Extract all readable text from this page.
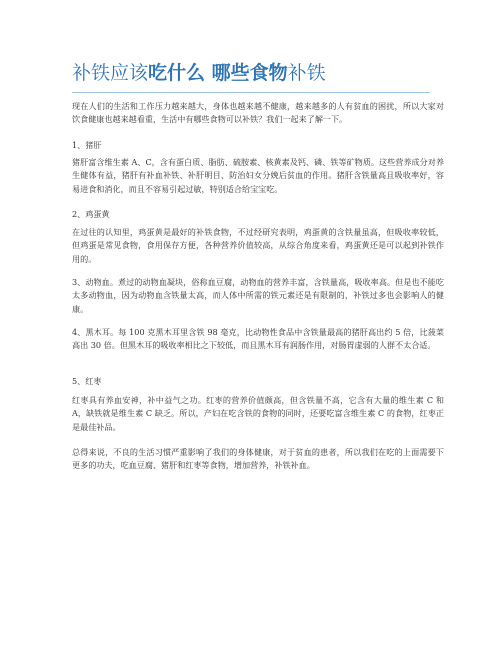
补铁应该吃什么 哪些食物补铁

现在人们的生活和工作压力越来越大，身体也越来越不健康，越来越多的人有贫血的困扰，所以大家对饮食健康也越来越看重，生活中有哪些食物可以补铁？我们一起来了解一下。

1、猪肝

猪肝富含维生素 A、C，含有蛋白质、脂肪、硫胺素、核黄素及钙、磷、铁等矿物质。这些营养成分对养生健体有益，猪肝有补血补铁、补肝明目、防治妇女分娩后贫血的作用。猪肝含铁量高且吸收率好，容易进食和消化，而且不容易引起过敏，特别适合给宝宝吃。

2、鸡蛋黄

在过往的认知里，鸡蛋黄是最好的补铁食物，不过经研究表明，鸡蛋黄的含铁量虽高，但吸收率较低，但鸡蛋是常见食物，食用保存方便，各种营养价值较高，从综合角度来看，鸡蛋黄还是可以起到补铁作用的。

3、动物血。煮过的动物血凝块，俗称血豆腐，动物血的营养丰富，含铁量高，吸收率高。但是也不能吃太多动物血，因为动物血含铁量太高，而人体中所需的铁元素还是有限制的，补铁过多也会影响人的健康。

4、黑木耳。每 100 克黑木耳里含铁 98 毫克，比动物性食品中含铁量最高的猪肝高出约 5 倍，比菠菜高出 30 倍。但黑木耳的吸收率相比之下较低，而且黑木耳有润肠作用，对肠胃虚弱的人群不太合适。

5、红枣

红枣具有养血安神，补中益气之功。红枣的营养价值颇高，但含铁量不高，它含有大量的维生素 C 和 A，缺铁就是维生素 C 缺乏。所以，产妇在吃含铁的食物的同时，还要吃富含维生素 C 的食物，红枣正是最佳补品。

总得来说，不良的生活习惯严重影响了我们的身体健康，对于贫血的患者，所以我们在吃的上面需要下更多的功夫，吃血豆腐、猪肝和红枣等食物，增加营养，补铁补血。
